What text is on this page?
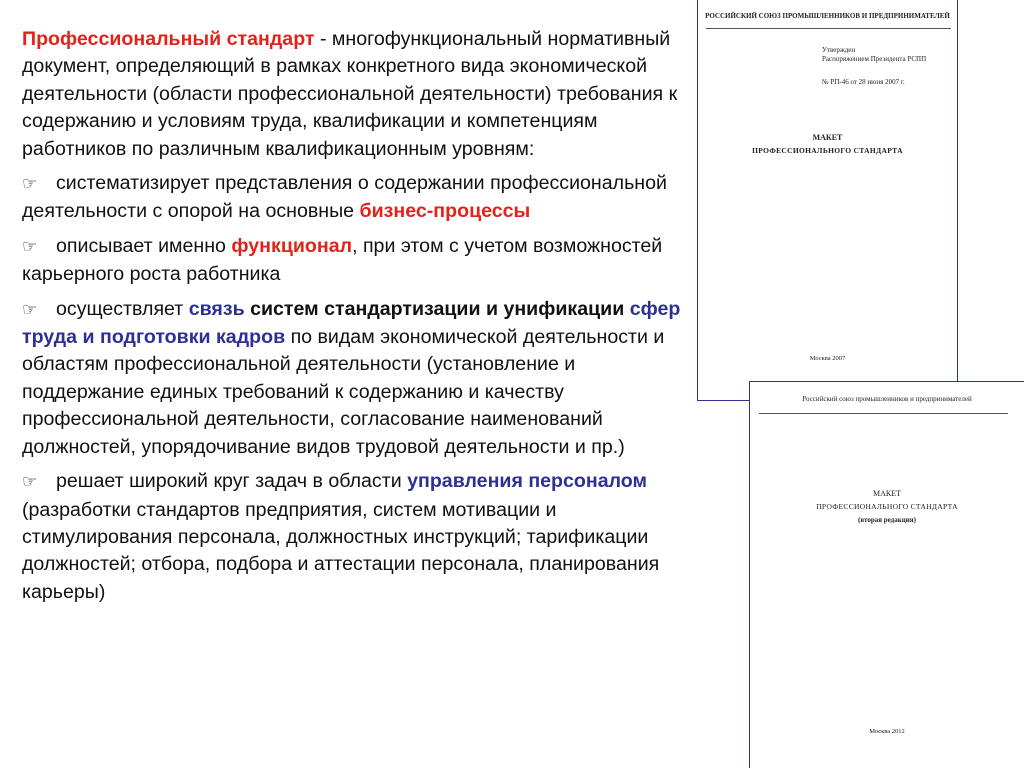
Профессиональный стандарт - многофункциональный нормативный документ, определяющий в рамках конкретного вида экономической деятельности (области профессиональной деятельности) требования к содержанию и условиям труда, квалификации и компетенциям работников по различным квалификационным уровням:

☞ систематизирует представления о содержании профессиональной деятельности с опорой на основные бизнес-процессы

☞ описывает именно функционал, при этом с учетом возможностей карьерного роста работника

☞ осуществляет связь систем стандартизации и унификации сфер труда и подготовки кадров по видам экономической деятельности и областям профессиональной деятельности (установление и поддержание единых требований к содержанию и качеству профессиональной деятельности, согласование наименований должностей, упорядочивание видов трудовой деятельности и пр.)

☞ решает широкий круг задач в области управления персоналом (разработки стандартов предприятия, систем мотивации и стимулирования персонала, должностных инструкций; тарификации должностей; отбора, подбора и аттестации персонала, планирования карьеры)

РОССИЙСКИЙ СОЮЗ ПРОМЫШЛЕННИКОВ И ПРЕДПРИНИМАТЕЛЕЙ
Утвержден
Распоряжением Президента РСПП
№ РП-46 от 28 июня 2007 г.
МАКЕТ
ПРОФЕССИОНАЛЬНОГО СТАНДАРТА
Москва 2007
Российский союз промышленников и предпринимателей
МАКЕТ
ПРОФЕССИОНАЛЬНОГО СТАНДАРТА
(вторая редакция)
Москва 2012
